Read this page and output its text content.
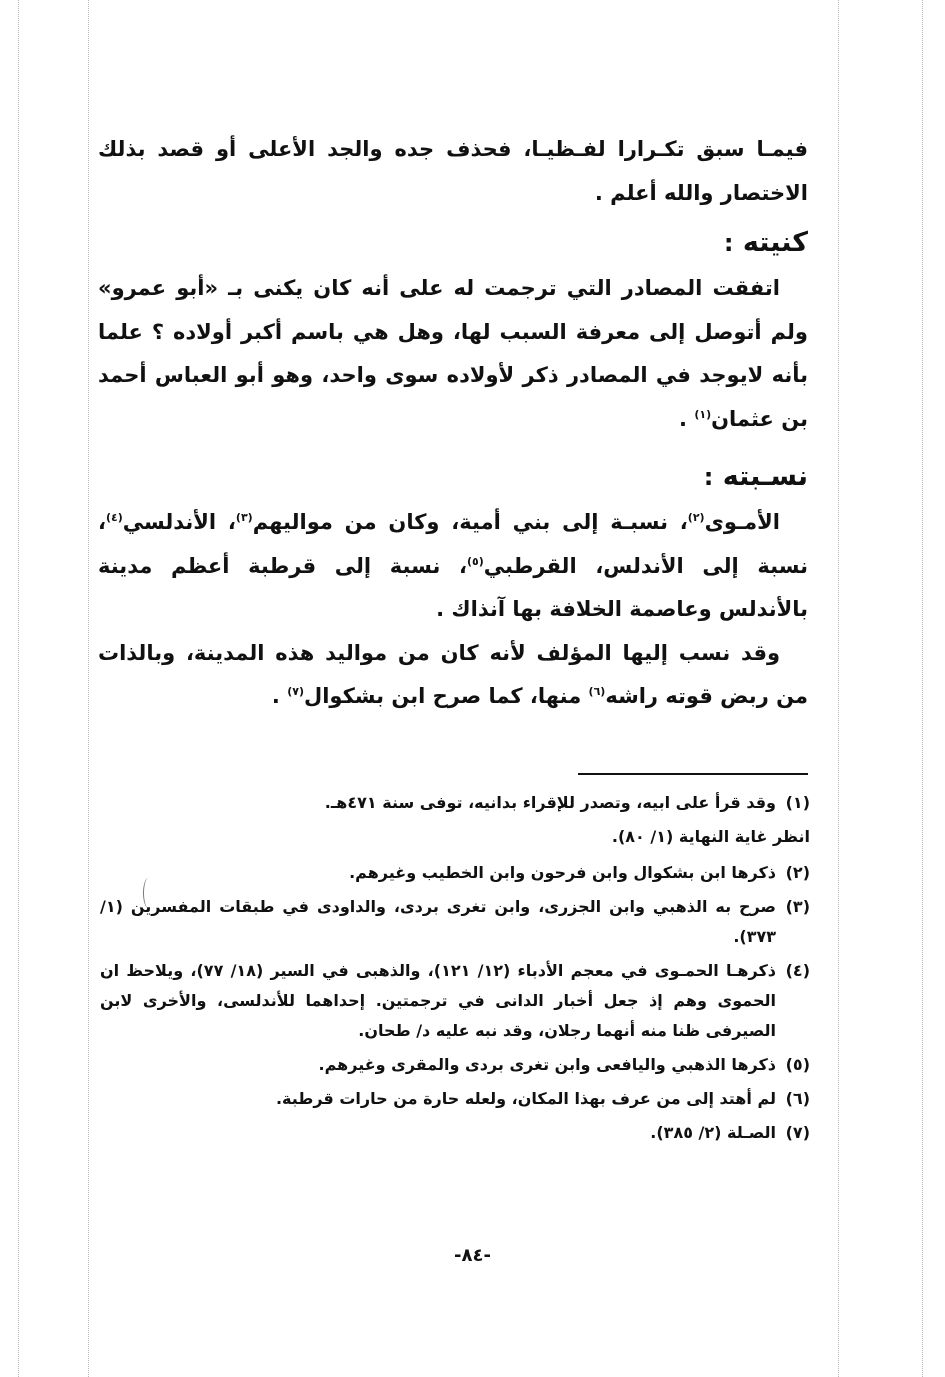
فيمـا سبق تكـرارا لفـظيـا، فحذف جده والجد الأعلى أو قصد بذلك الاختصار والله أعلم .

كنيته :

اتفقت المصادر التي ترجمت له على أنه كان يكنى بـ «أبو عمرو» ولم أتوصل إلى معرفة السبب لها، وهل هي باسم أكبر أولاده ؟ علما بأنه لايوجد في المصادر ذكر لأولاده سوى واحد، وهو أبو العباس أحمد بن عثمان$^{(١)}$ .

نسـبته :

الأمـوى$^{(٢)}$، نسبـة إلى بني أمية، وكان من مواليهم$^{(٣)}$، الأندلسي$^{(٤)}$، نسبة إلى الأندلس، القرطبي$^{(٥)}$، نسبة إلى قرطبة أعظم مدينة بالأندلس وعاصمة الخلافة بها آنذاك .

وقد نسب إليها المؤلف لأنه كان من مواليد هذه المدينة، وبالذات من ربض قوته راشه$^{(٦)}$ منها، كما صرح ابن بشكوال$^{(٧)}$ .

(١)
وقد قرأ على ابيه، وتصدر للإقراء بدانيه، توفى سنة ٤٧١هـ.
انظر غاية النهاية (١/ ٨٠).
(٢)
ذكرها ابن بشكوال وابن فرحون وابن الخطيب وغيرهم.
(٣)
صرح به الذهبي وابن الجزرى، وابن تغرى بردى، والداودى في طبقات المفسرين (١/ ٣٧٣).
(٤)
ذكرهـا الحمـوى في معجم الأدباء (١٢/ ١٢١)، والذهبى في السير (١٨/ ٧٧)، ويلاحظ ان الحموى وهم إذ جعل أخبار الدانى في ترجمتين. إحداهما للأندلسى، والأخرى لابن الصيرفى ظنا منه أنهما رجلان، وقد نبه عليه د/ طحان.
(٥)
ذكرها الذهبي واليافعى وابن تغرى بردى والمقرى وغيرهم.
(٦)
لم أهتد إلى من عرف بهذا المكان، ولعله حارة من حارات قرطبة.
(٧)
الصـلة (٢/ ٣٨٥).
-٨٤-
